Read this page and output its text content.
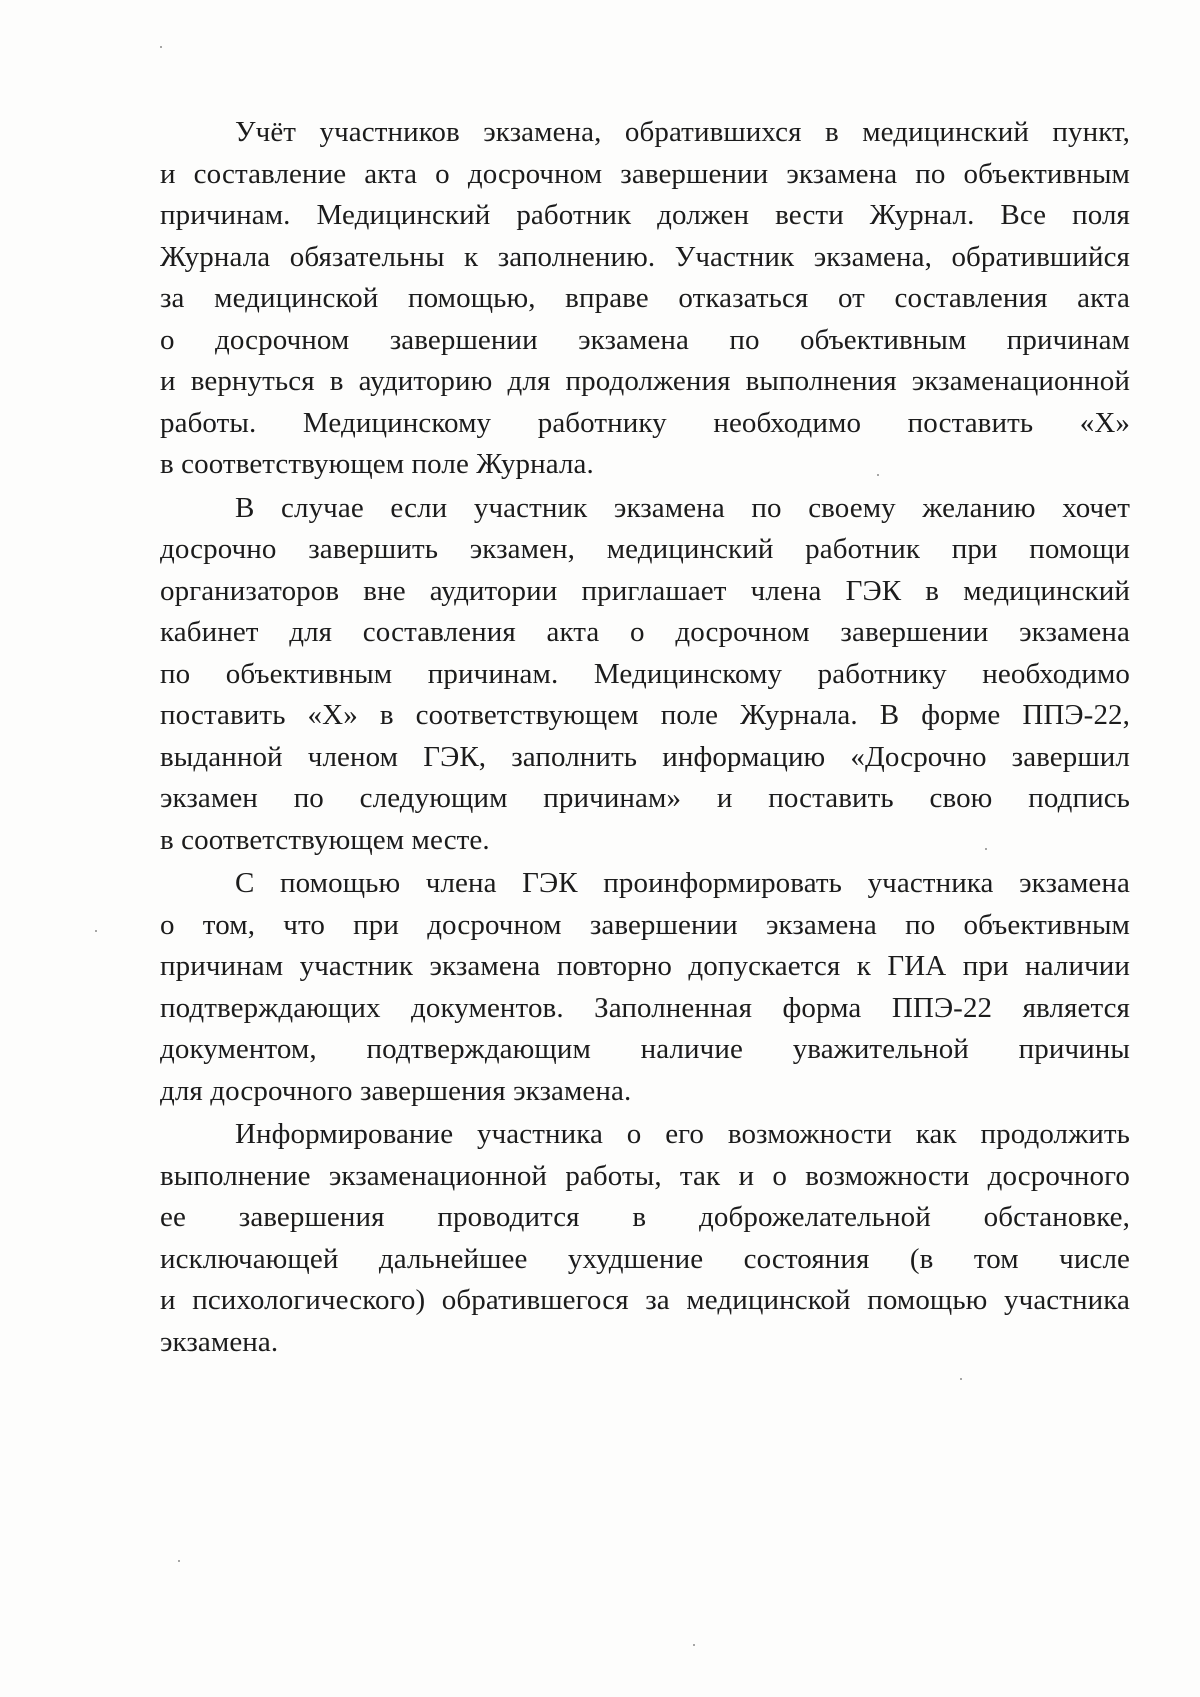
Учёт участников экзамена, обратившихся в медицинский пункт,
и составление акта о досрочном завершении экзамена по объективным
причинам. Медицинский работник должен вести Журнал. Все поля
Журнала обязательны к заполнению. Участник экзамена, обратившийся
за медицинской помощью, вправе отказаться от составления акта
о досрочном завершении экзамена по объективным причинам
и вернуться в аудиторию для продолжения выполнения экзаменационной
работы. Медицинскому работнику необходимо поставить «Х»
в соответствующем поле Журнала.
В случае если участник экзамена по своему желанию хочет
досрочно завершить экзамен, медицинский работник при помощи
организаторов вне аудитории приглашает члена ГЭК в медицинский
кабинет для составления акта о досрочном завершении экзамена
по объективным причинам. Медицинскому работнику необходимо
поставить «Х» в соответствующем поле Журнала. В форме ППЭ-22,
выданной членом ГЭК, заполнить информацию «Досрочно завершил
экзамен по следующим причинам» и поставить свою подпись
в соответствующем месте.
С помощью члена ГЭК проинформировать участника экзамена
о том, что при досрочном завершении экзамена по объективным
причинам участник экзамена повторно допускается к ГИА при наличии
подтверждающих документов. Заполненная форма ППЭ-22 является
документом, подтверждающим наличие уважительной причины
для досрочного завершения экзамена.
Информирование участника о его возможности как продолжить
выполнение экзаменационной работы, так и о возможности досрочного
ее завершения проводится в доброжелательной обстановке,
исключающей дальнейшее ухудшение состояния (в том числе
и психологического) обратившегося за медицинской помощью участника
экзамена.
